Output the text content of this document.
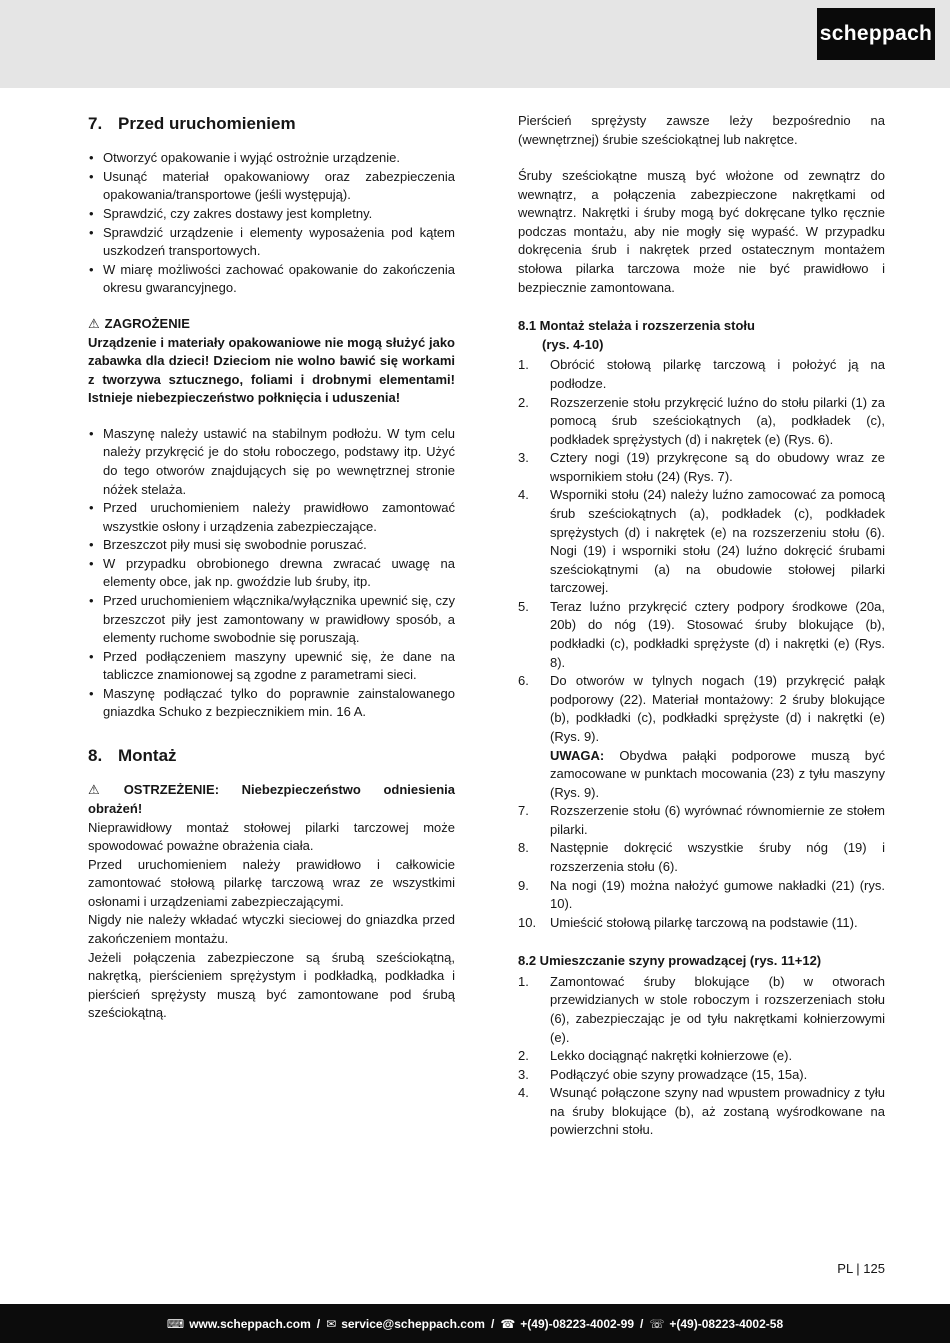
scheppach
7. Przed uruchomieniem
• Otworzyć opakowanie i wyjąć ostrożnie urządzenie.
• Usunąć materiał opakowaniowy oraz zabezpieczenia opakowania/transportowe (jeśli występują).
• Sprawdzić, czy zakres dostawy jest kompletny.
• Sprawdzić urządzenie i elementy wyposażenia pod kątem uszkodzeń transportowych.
• W miarę możliwości zachować opakowanie do zakończenia okresu gwarancyjnego.

⚠ ZAGROŻENIE

Urządzenie i materiały opakowaniowe nie mogą służyć jako zabawka dla dzieci! Dzieciom nie wolno bawić się workami z tworzywa sztucznego, foliami i drobnymi elementami! Istnieje niebezpieczeństwo połknięcia i uduszenia!

• Maszynę należy ustawić na stabilnym podłożu. W tym celu należy przykręcić je do stołu roboczego, podstawy itp. Użyć do tego otworów znajdujących się po wewnętrznej stronie nóżek stelaża.
• Przed uruchomieniem należy prawidłowo zamontować wszystkie osłony i urządzenia zabezpieczające.
• Brzeszczot piły musi się swobodnie poruszać.
• W przypadku obrobionego drewna zwracać uwagę na elementy obce, jak np. gwoździe lub śruby, itp.
• Przed uruchomieniem włącznika/wyłącznika upewnić się, czy brzeszczot piły jest zamontowany w prawidłowy sposób, a elementy ruchome swobodnie się poruszają.
• Przed podłączeniem maszyny upewnić się, że dane na tabliczce znamionowej są zgodne z parametrami sieci.
• Maszynę podłączać tylko do poprawnie zainstalowanego gniazdka Schuko z bezpiecznikiem min. 16 A.
8. Montaż

⚠ OSTRZEŻENIE: Niebezpieczeństwo odniesienia obrażeń!

Nieprawidłowy montaż stołowej pilarki tarczowej może spowodować poważne obrażenia ciała.

Przed uruchomieniem należy prawidłowo i całkowicie zamontować stołową pilarkę tarczową wraz ze wszystkimi osłonami i urządzeniami zabezpieczającymi.

Nigdy nie należy wkładać wtyczki sieciowej do gniazdka przed zakończeniem montażu.

Jeżeli połączenia zabezpieczone są śrubą sześciokątną, nakrętką, pierścieniem sprężystym i podkładką, podkładka i pierścień sprężysty muszą być zamontowane pod śrubą sześciokątną.

Pierścień sprężysty zawsze leży bezpośrednio na (wewnętrznej) śrubie sześciokątnej lub nakrętce.

Śruby sześciokątne muszą być włożone od zewnątrz do wewnątrz, a połączenia zabezpieczone nakrętkami od wewnątrz. Nakrętki i śruby mogą być dokręcane tylko ręcznie podczas montażu, aby nie mogły się wypaść. W przypadku dokręcenia śrub i nakrętek przed ostatecznym montażem stołowa pilarka tarczowa może nie być prawidłowo i bezpiecznie zamontowana.

8.1 Montaż stelaża i rozszerzenia stołu

(rys. 4-10)

1.	Obrócić stołową pilarkę tarczową i położyć ją na podłodze.
2.	Rozszerzenie stołu przykręcić luźno do stołu pilarki (1) za pomocą śrub sześciokątnych (a), podkładek (c), podkładek sprężystych (d) i nakrętek (e) (Rys. 6).
3.	Cztery nogi (19) przykręcone są do obudowy wraz ze wspornikiem stołu (24) (Rys. 7).
4.	Wsporniki stołu (24) należy luźno zamocować za pomocą śrub sześciokątnych (a), podkładek (c), podkładek sprężystych (d) i nakrętek (e) na rozszerzeniu stołu (6). Nogi (19) i wsporniki stołu (24) luźno dokręcić śrubami sześciokątnymi (a) na obudowie stołowej pilarki tarczowej.
5.	Teraz luźno przykręcić cztery podpory środkowe (20a, 20b) do nóg (19). Stosować śruby blokujące (b), podkładki (c), podkładki sprężyste (d) i nakrętki (e) (Rys. 8).
6.	Do otworów w tylnych nogach (19) przykręcić pałąk podporowy (22). Materiał montażowy: 2 śruby blokujące (b), podkładki (c), podkładki sprężyste (d) i nakrętki (e) (Rys. 9).
UWAGA: Obydwa pałąki podporowe muszą być zamocowane w punktach mocowania (23) z tyłu maszyny (Rys. 9).
7.	Rozszerzenie stołu (6) wyrównać równomiernie ze stołem pilarki.
8.	Następnie dokręcić wszystkie śruby nóg (19) i rozszerzenia stołu (6).
9.	Na nogi (19) można nałożyć gumowe nakładki (21) (rys. 10).
10.	Umieścić stołową pilarkę tarczową na podstawie (11).

8.2 Umieszczanie szyny prowadzącej (rys. 11+12)

1.	Zamontować śruby blokujące (b) w otworach przewidzianych w stole roboczym i rozszerzeniach stołu (6), zabezpieczając je od tyłu nakrętkami kołnierzowymi (e).
2.	Lekko dociągnąć nakrętki kołnierzowe (e).
3.	Podłączyć obie szyny prowadzące (15, 15a).
4.	Wsunąć połączone szyny nad wpustem prowadnicy z tyłu na śruby blokujące (b), aż zostaną wyśrodkowane na powierzchni stołu.
PL | 125
⌨ www.scheppach.com / ✉ service@scheppach.com / ☎ +(49)-08223-4002-99 / ☏ +(49)-08223-4002-58
